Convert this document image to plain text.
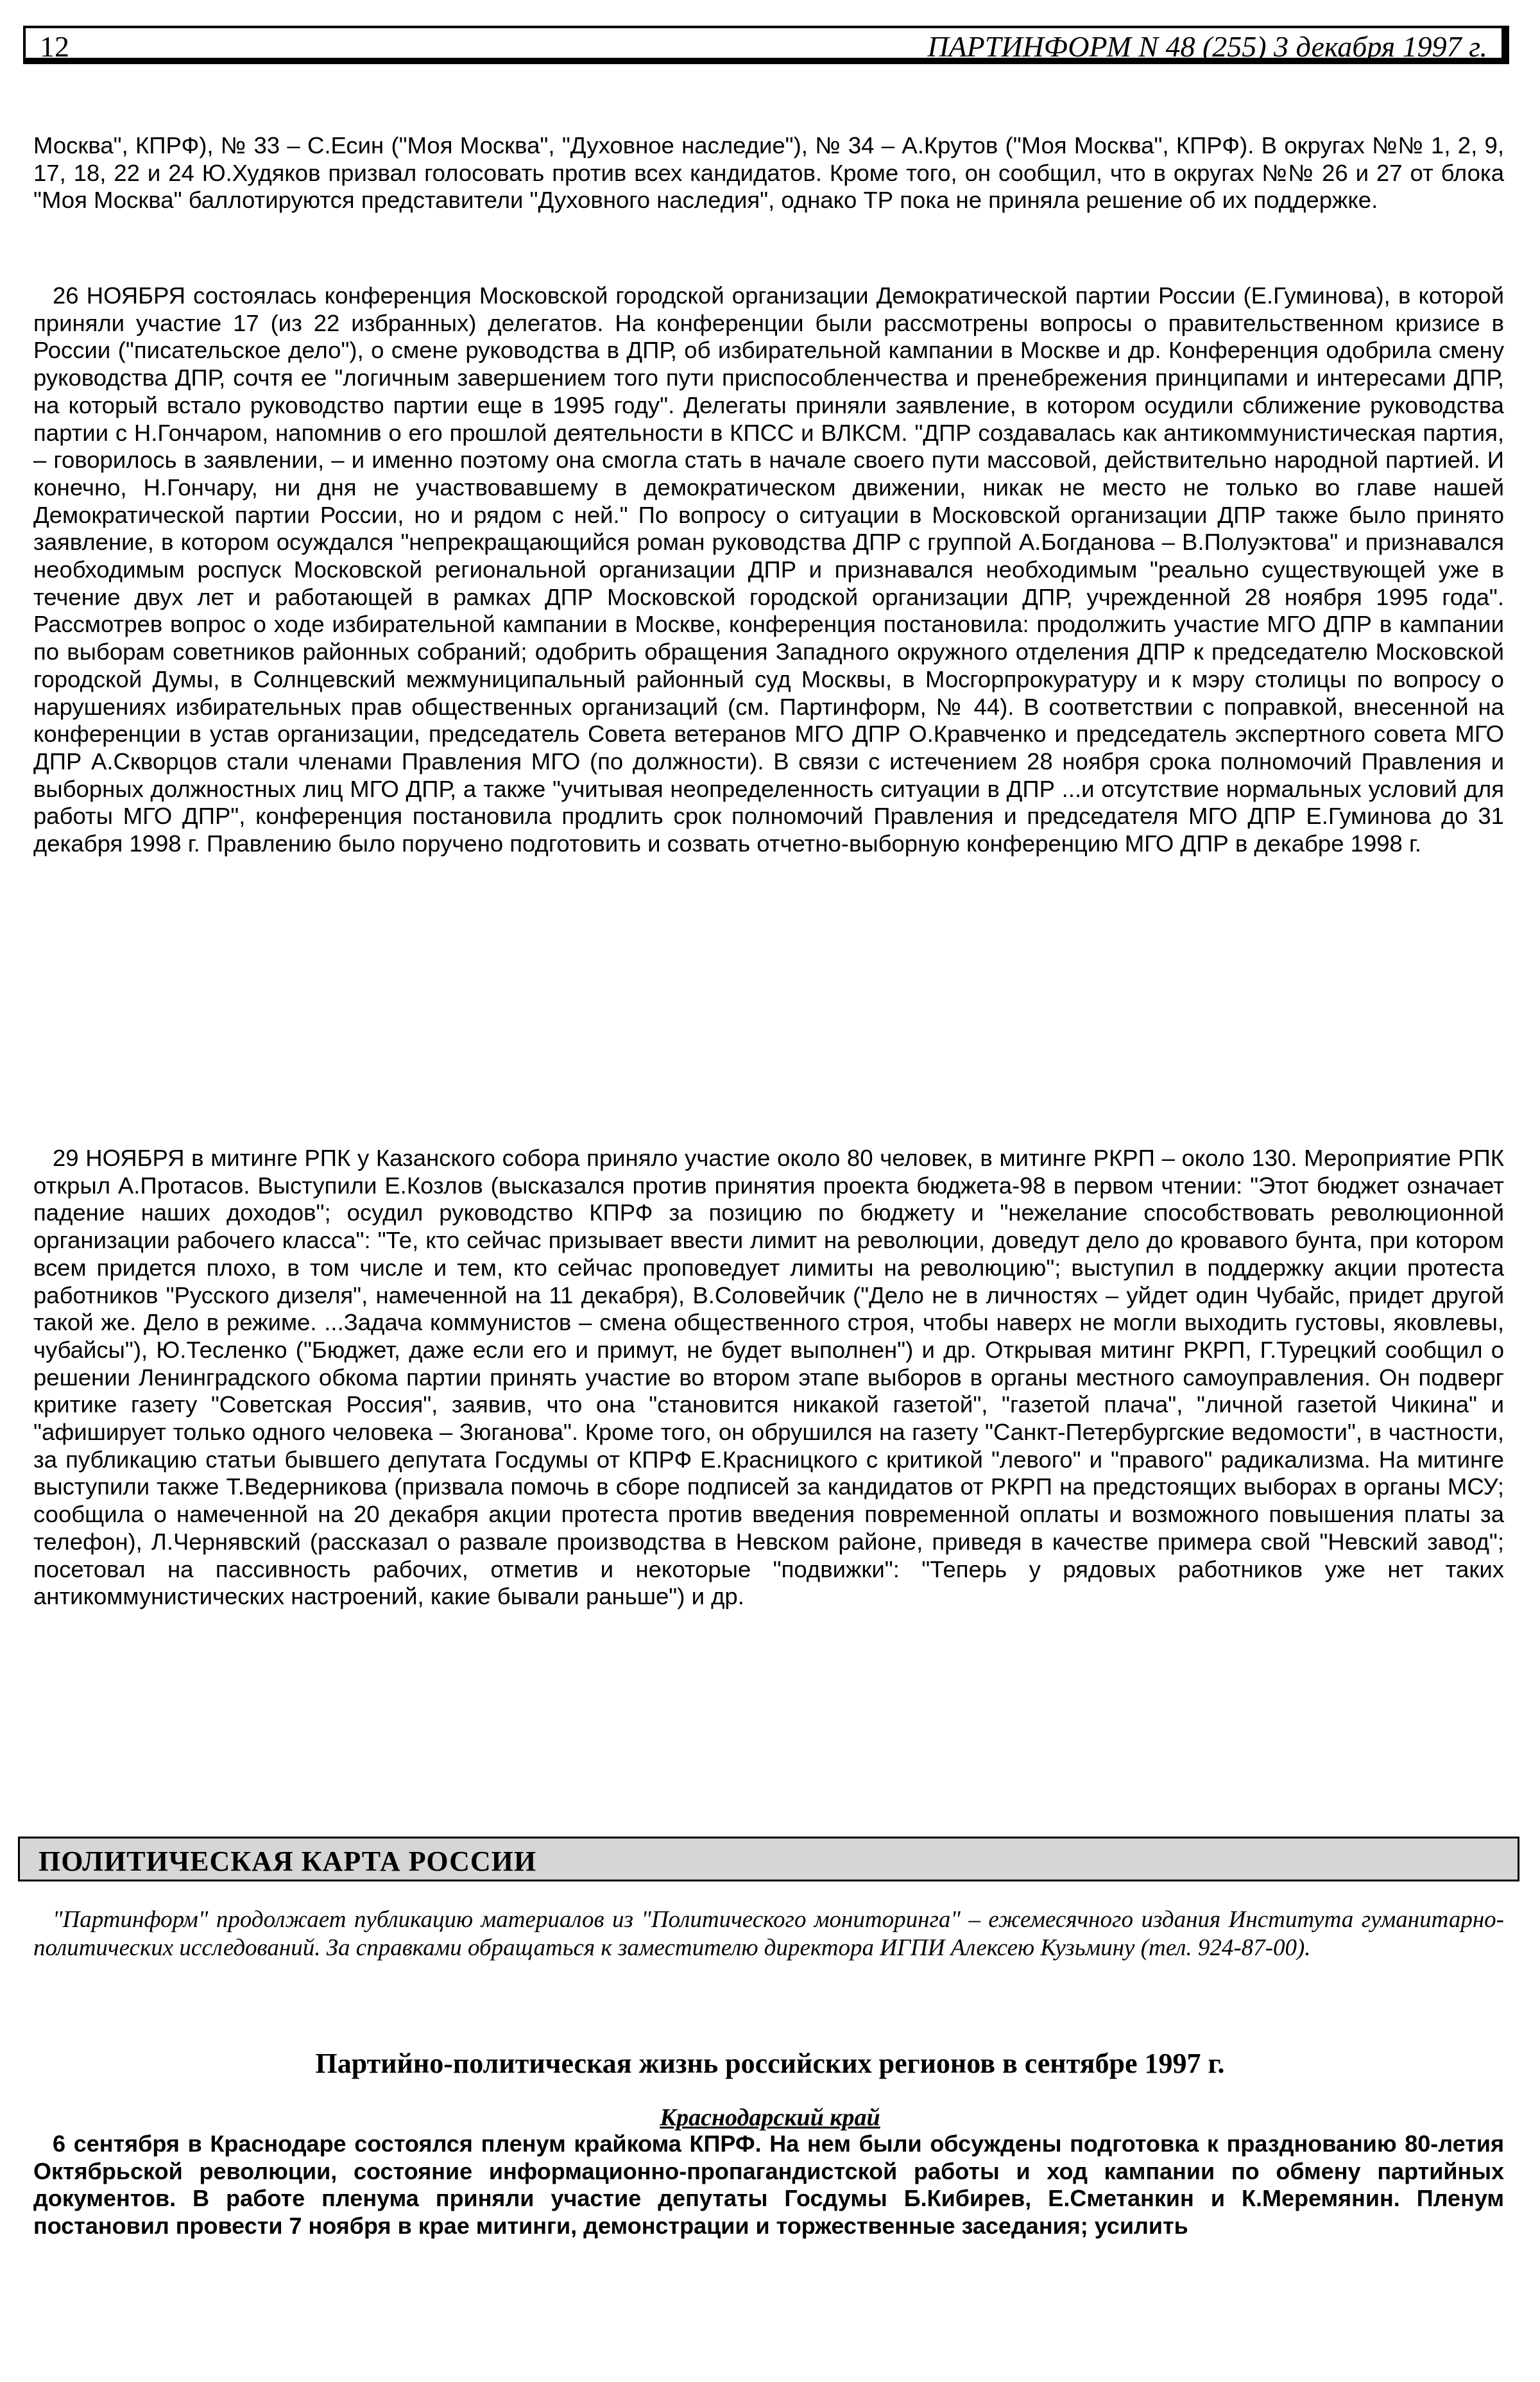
12	ПАРТИНФОРМ N 48 (255) 3 декабря 1997 г.

Москва", КПРФ), № 33 – С.Есин ("Моя Москва", "Духовное наследие"), № 34 – А.Крутов ("Моя Москва", КПРФ). В округах №№ 1, 2, 9, 17, 18, 22 и 24 Ю.Худяков призвал голосовать против всех кандидатов. Кроме того, он сообщил, что в округах №№ 26 и 27 от блока "Моя Москва" баллотируются представители "Духовного наследия", однако ТР пока не приняла решение об их поддержке.

26 НОЯБРЯ состоялась конференция Московской городской организации Демократической партии России (Е.Гуминова), в которой приняли участие 17 (из 22 избранных) делегатов. На конференции были рассмотрены вопросы о правительственном кризисе в России ("писательское дело"), о смене руководства в ДПР, об избирательной кампании в Москве и др. Конференция одобрила смену руководства ДПР, сочтя ее "логичным завершением того пути приспособленчества и пренебрежения принципами и интересами ДПР, на который встало руководство партии еще в 1995 году". Делегаты приняли заявление, в котором осудили сближение руководства партии с Н.Гончаром, напомнив о его прошлой деятельности в КПСС и ВЛКСМ. "ДПР создавалась как антикоммунистическая партия, – говорилось в заявлении, – и именно поэтому она смогла стать в начале своего пути массовой, действительно народной партией. И конечно, Н.Гончару, ни дня не участвовавшему в демократическом движении, никак не место не только во главе нашей Демократической партии России, но и рядом с ней." По вопросу о ситуации в Московской организации ДПР также было принято заявление, в котором осуждался "непрекращающийся роман руководства ДПР с группой А.Богданова – В.Полуэктова" и признавался необходимым роспуск Московской региональной организации ДПР и признавался необходимым "реально существующей уже в течение двух лет и работающей в рамках ДПР Московской городской организации ДПР, учрежденной 28 ноября 1995 года". Рассмотрев вопрос о ходе избирательной кампании в Москве, конференция постановила: продолжить участие МГО ДПР в кампании по выборам советников районных собраний; одобрить обращения Западного окружного отделения ДПР к председателю Московской городской Думы, в Солнцевский межмуниципальный районный суд Москвы, в Мосгорпрокуратуру и к мэру столицы по вопросу о нарушениях избирательных прав общественных организаций (см. Партинформ, № 44). В соответствии с поправкой, внесенной на конференции в устав организации, председатель Совета ветеранов МГО ДПР О.Кравченко и председатель экспертного совета МГО ДПР А.Скворцов стали членами Правления МГО (по должности). В связи с истечением 28 ноября срока полномочий Правления и выборных должностных лиц МГО ДПР, а также "учитывая неопределенность ситуации в ДПР ...и отсутствие нормальных условий для работы МГО ДПР", конференция постановила продлить срок полномочий Правления и председателя МГО ДПР Е.Гуминова до 31 декабря 1998 г. Правлению было поручено подготовить и созвать отчетно-выборную конференцию МГО ДПР в декабре 1998 г.

29 НОЯБРЯ в митинге РПК у Казанского собора приняло участие около 80 человек, в митинге РКРП – около 130. Мероприятие РПК открыл А.Протасов. Выступили Е.Козлов (высказался против принятия проекта бюджета-98 в первом чтении: "Этот бюджет означает падение наших доходов"; осудил руководство КПРФ за позицию по бюджету и "нежелание способствовать революционной организации рабочего класса": "Те, кто сейчас призывает ввести лимит на революции, доведут дело до кровавого бунта, при котором всем придется плохо, в том числе и тем, кто сейчас проповедует лимиты на революцию"; выступил в поддержку акции протеста работников "Русского дизеля", намеченной на 11 декабря), В.Соловейчик ("Дело не в личностях – уйдет один Чубайс, придет другой такой же. Дело в режиме. ...Задача коммунистов – смена общественного строя, чтобы наверх не могли выходить густовы, яковлевы, чубайсы"), Ю.Тесленко ("Бюджет, даже если его и примут, не будет выполнен") и др. Открывая митинг РКРП, Г.Турецкий сообщил о решении Ленинградского обкома партии принять участие во втором этапе выборов в органы местного самоуправления. Он подверг критике газету "Советская Россия", заявив, что она "становится никакой газетой", "газетой плача", "личной газетой Чикина" и "афиширует только одного человека – Зюганова". Кроме того, он обрушился на газету "Санкт-Петербургские ведомости", в частности, за публикацию статьи бывшего депутата Госдумы от КПРФ Е.Красницкого с критикой "левого" и "правого" радикализма. На митинге выступили также Т.Ведерникова (призвала помочь в сборе подписей за кандидатов от РКРП на предстоящих выборах в органы МСУ; сообщила о намеченной на 20 декабря акции протеста против введения повременной оплаты и возможного повышения платы за телефон), Л.Чернявский (рассказал о развале производства в Невском районе, приведя в качестве примера свой "Невский завод"; посетовал на пассивность рабочих, отметив и некоторые "подвижки": "Теперь у рядовых работников уже нет таких антикоммунистических настроений, какие бывали раньше") и др.

ПОЛИТИЧЕСКАЯ КАРТА РОССИИ

"Партинформ" продолжает публикацию материалов из "Политического мониторинга" – ежемесячного издания Института гуманитарно-политических исследований. За справками обращаться к заместителю директора ИГПИ Алексею Кузьмину (тел. 924-87-00).

Партийно-политическая жизнь российских регионов в сентябре 1997 г.
Краснодарский край

6 сентября в Краснодаре состоялся пленум крайкома КПРФ. На нем были обсуждены подготовка к празднованию 80-летия Октябрьской революции, состояние информационно-пропагандистской работы и ход кампании по обмену партийных документов. В работе пленума приняли участие депутаты Госдумы Б.Кибирев, Е.Сметанкин и К.Меремянин. Пленум постановил провести 7 ноября в крае митинги, демонстрации и торжественные заседания; усилить
